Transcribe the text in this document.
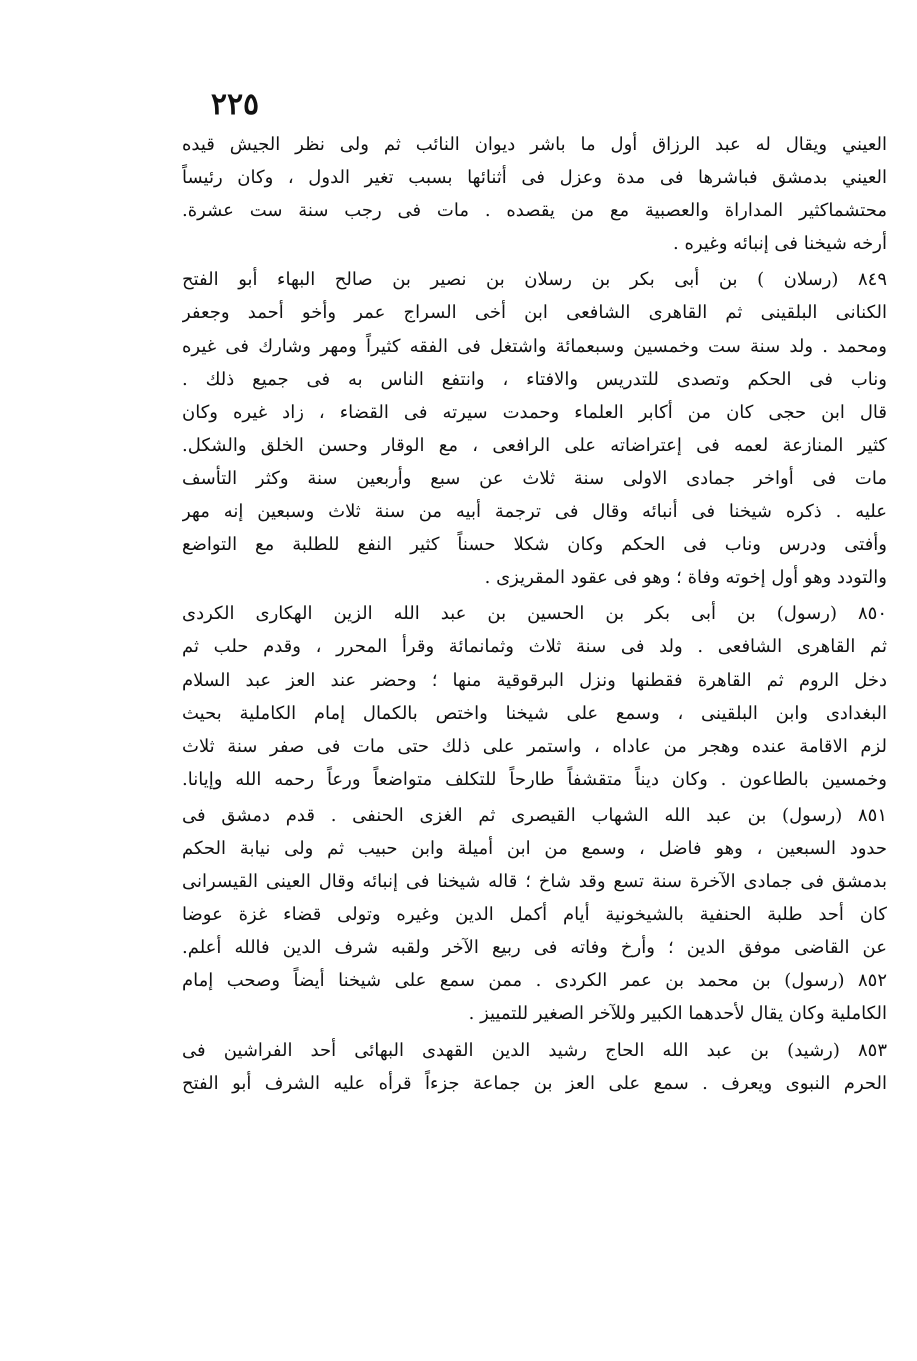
٢٢٥
العيني ويقال له عبد الرزاق أول ما باشر ديوان النائب ثم ولى نظر الجيش قيده
العيني بدمشق فباشرها فى مدة وعزل فى أثنائها بسبب تغير الدول ، وكان رئيساً
محتشماكثير المداراة والعصبية مع من يقصده . مات فى رجب سنة ست عشرة.
أرخه شيخنا فى إنبائه وغيره .
٨٤٩ (رسلان ) بن أبى بكر بن رسلان بن نصير بن صالح البهاء أبو الفتح
الكنانى البلقينى ثم القاهرى الشافعى ابن أخى السراج عمر وأخو أحمد وجعفر
ومحمد . ولد سنة ست وخمسين وسبعمائة واشتغل فى الفقه كثيراً ومهر وشارك فى غيره
وناب فى الحكم وتصدى للتدريس والافتاء ، وانتفع الناس به فى جميع ذلك .
قال ابن حجى كان من أكابر العلماء وحمدت سيرته فى القضاء ، زاد غيره وكان
كثير المنازعة لعمه فى إعتراضاته على الرافعى ، مع الوقار وحسن الخلق والشكل.
مات فى أواخر جمادى الاولى سنة ثلاث عن سبع وأربعين سنة وكثر التأسف
عليه . ذكره شيخنا فى أنبائه وقال فى ترجمة أبيه من سنة ثلاث وسبعين إنه مهر
وأفتى ودرس وناب فى الحكم وكان شكلا حسناً كثير النفع للطلبة مع التواضع
والتودد وهو أول إخوته وفاة ؛ وهو فى عقود المقريزى .
٨٥٠ (رسول) بن أبى بكر بن الحسين بن عبد الله الزين الهكارى الكردى
ثم القاهرى الشافعى . ولد فى سنة ثلاث وثمانمائة وقرأ المحرر ، وقدم حلب ثم
دخل الروم ثم القاهرة فقطنها ونزل البرقوقية منها ؛ وحضر عند العز عبد السلام
البغدادى وابن البلقينى ، وسمع على شيخنا واختص بالكمال إمام الكاملية بحيث
لزم الاقامة عنده وهجر من عاداه ، واستمر على ذلك حتى مات فى صفر سنة ثلاث
وخمسين بالطاعون . وكان ديناً متقشفاً طارحاً للتكلف متواضعاً ورعاً رحمه الله وإيانا.
٨٥١ (رسول) بن عبد الله الشهاب القيصرى ثم الغزى الحنفى . قدم دمشق فى
حدود السبعين ، وهو فاضل ، وسمع من ابن أميلة وابن حبيب ثم ولى نيابة الحكم
بدمشق فى جمادى الآخرة سنة تسع وقد شاخ ؛ قاله شيخنا فى إنبائه وقال العينى القيسرانى
كان أحد طلبة الحنفية بالشيخونية أيام أكمل الدين وغيره وتولى قضاء غزة عوضا
عن القاضى موفق الدين ؛ وأرخ وفاته فى ربيع الآخر ولقبه شرف الدين فالله أعلم.
٨٥٢ (رسول) بن محمد بن عمر الكردى . ممن سمع على شيخنا أيضاً وصحب إمام
الكاملية وكان يقال لأحدهما الكبير وللآخر الصغير للتمييز .
٨٥٣ (رشيد) بن عبد الله الحاج رشيد الدين القهدى البهائى أحد الفراشين فى
الحرم النبوى ويعرف . سمع على العز بن جماعة جزءاً قرأه عليه الشرف أبو الفتح
